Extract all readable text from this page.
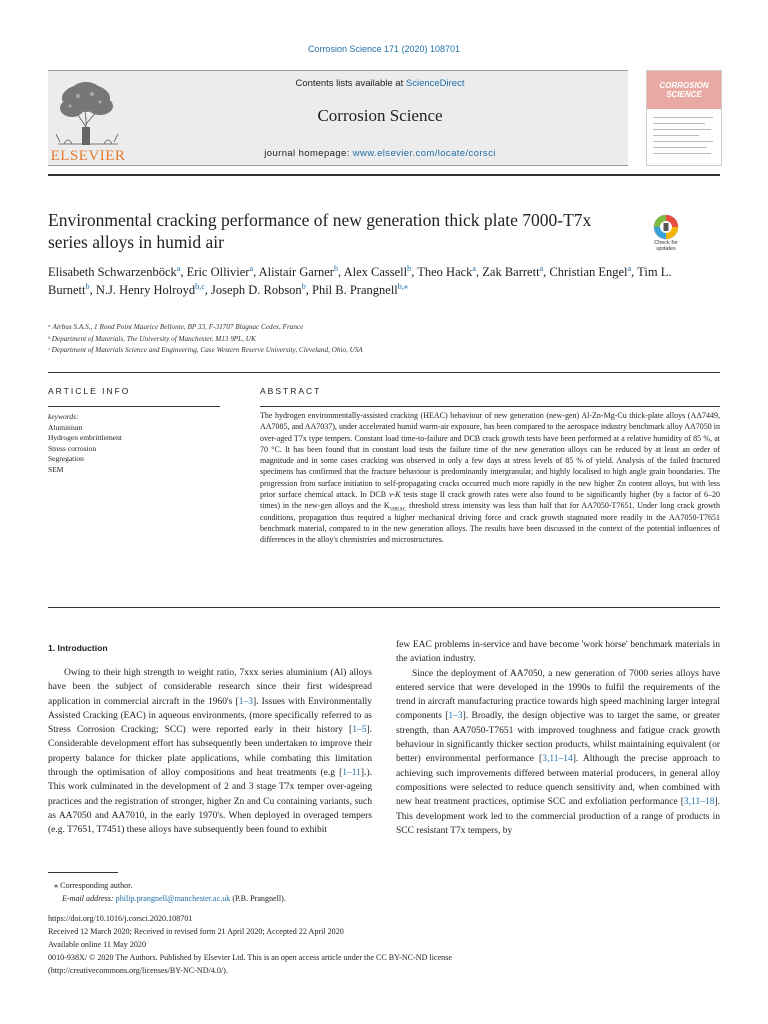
Corrosion Science 171 (2020) 108701
ELSEVIER
Contents lists available at ScienceDirect
Corrosion Science
journal homepage: www.elsevier.com/locate/corsci
CORROSION SCIENCE
Environmental cracking performance of new generation thick plate 7000-T7x series alloys in humid air	Check for updates
Elisabeth Schwarzenböck$^a$, Eric Ollivier$^a$, Alistair Garner$^b$, Alex Cassell$^b$, Theo Hack$^a$, Zak Barrett$^a$, Christian Engel$^a$, Tim L. Burnett$^b$, N.J. Henry Holroyd$^{b,c}$, Joseph D. Robson$^b$, Phil B. Prangnell$^{b,⁎}$
ᵃ Airbus S.A.S., 1 Rond Point Maurice Bellonte, BP 33, F-31707 Blagnac Cedex, France
ᵇ Department of Materials, The University of Manchester, M13 9PL, UK
ᶜ Department of Materials Science and Engineering, Case Western Reserve University, Cleveland, Ohio, USA
ARTICLE INFO
keywords:
Aluminium
Hydrogen embrittlement
Stress corrosion
Segregation
SEM
ABSTRACT
The hydrogen environmentally-assisted cracking (HEAC) behaviour of new generation (new-gen) Al-Zn-Mg-Cu thick-plate alloys (AA7449, AA7085, and AA7037), under accelerated humid warm-air exposure, has been compared to the aerospace industry benchmark alloy AA7050 in over-aged T7x type tempers. Constant load time-to-failure and DCB crack growth tests have been performed at a relative humidity of 85 %, at 70 °C. It has been found that in constant load tests the failure time of the new generation alloys can be reduced by at least an order of magnitude and in some cases cracking was observed in only a few days at stress levels of 85 % of yield. Analysis of the failed fractured specimens has confirmed that the fracture behaviour is predominantly intergranular, and highly localised to high angle grain boundaries. The progression from surface initiation to self-propagating cracks occurred much more rapidly in the new higher Zn content alloys, but with less prior surface chemical attack. In DCB v-K tests stage II crack growth rates were also found to be significantly higher (by a factor of 6–20 times) in the new-gen alloys and the $K_{1HEAC}$ threshold stress intensity was less than half that for AA7050-T7651. Under long crack growth conditions, propagation thus required a higher mechanical driving force and crack growth stagnated more readily in the AA7050-T7651 benchmark material, compared to in the new generation alloys. The results have been discussed in the context of the potential influences of differences in the alloy's chemistries and microstructures.
1. Introduction

Owing to their high strength to weight ratio, 7xxx series aluminium (Al) alloys have been the subject of considerable research since their first widespread application in commercial aircraft in the 1960's [1–3]. Issues with Environmentally Assisted Cracking (EAC) in aqueous environments, (more specifically referred to as Stress Corrosion Cracking; SCC) were reported early in their history [1–5]. Considerable development effort has subsequently been undertaken to improve their property balance for thicker plate applications, while combating this limitation through the optimisation of alloy compositions and heat treatments (e.g [1–11].). This work culminated in the development of 2 and 3 stage T7x temper over-ageing practices and the registration of stronger, higher Zn and Cu containing variants, such as AA7050 and AA7010, in the early 1970's. When deployed in overaged tempers (e.g. T7651, T7451) these alloys have subsequently been found to exhibit

few EAC problems in-service and have become 'work horse' benchmark materials in the aviation industry.

Since the deployment of AA7050, a new generation of 7000 series alloys have entered service that were developed in the 1990s to fulfil the requirements of the trend in aircraft manufacturing practice towards high speed machining larger integral components [1–3]. Broadly, the design objective was to target the same, or greater strength, than AA7050-T7651 with improved toughness and fatigue crack growth behaviour in significantly thicker section products, whilst maintaining equivalent (or better) environmental performance [3,11–14]. Although the precise approach to achieving such improvements differed between material producers, in general alloy compositions were selected to reduce quench sensitivity and, when combined with new heat treatment practices, optimise SCC and exfoliation performance [3,11–18]. This development work led to the commercial production of a range of products in SCC resistant T7x tempers, by

⁎ Corresponding author.
E-mail address: philip.prangnell@manchester.ac.uk (P.B. Prangnell).
https://doi.org/10.1016/j.corsci.2020.108701
Received 12 March 2020; Received in revised form 21 April 2020; Accepted 22 April 2020
Available online 11 May 2020
0010-938X/ © 2020 The Authors. Published by Elsevier Ltd. This is an open access article under the CC BY-NC-ND license
(http://creativecommons.org/licenses/BY-NC-ND/4.0/).
